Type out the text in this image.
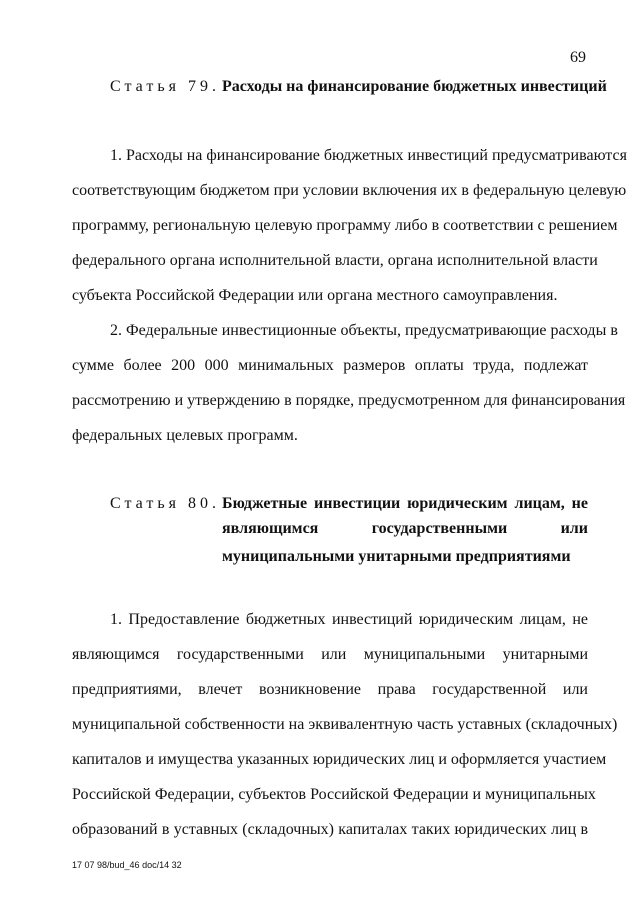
69
Статья 79. Расходы на финансирование бюджетных инвестиций

1. Расходы на финансирование бюджетных инвестиций предусматриваются

соответствующим бюджетом при условии включения их в федеральную целевую

программу, региональную целевую программу либо в соответствии с решением

федерального органа исполнительной власти, органа исполнительной власти

субъекта Российской Федерации или органа местного самоуправления.

2. Федеральные инвестиционные объекты, предусматривающие расходы в

сумме более 200 000 минимальных размеров оплаты труда, подлежат

рассмотрению и утверждению в порядке, предусмотренном для финансирования

федеральных целевых программ.

Статья 80. Бюджетные инвестиции юридическим лицам, не
являющимся государственными или
муниципальными унитарными предприятиями

1. Предоставление бюджетных инвестиций юридическим лицам, не

являющимся государственными или муниципальными унитарными

предприятиями, влечет возникновение права государственной или

муниципальной собственности на эквивалентную часть уставных (складочных)

капиталов и имущества указанных юридических лиц и оформляется участием

Российской Федерации, субъектов Российской Федерации и муниципальных

образований в уставных (складочных) капиталах таких юридических лиц в

17 07 98/bud_46 doc/14 32
